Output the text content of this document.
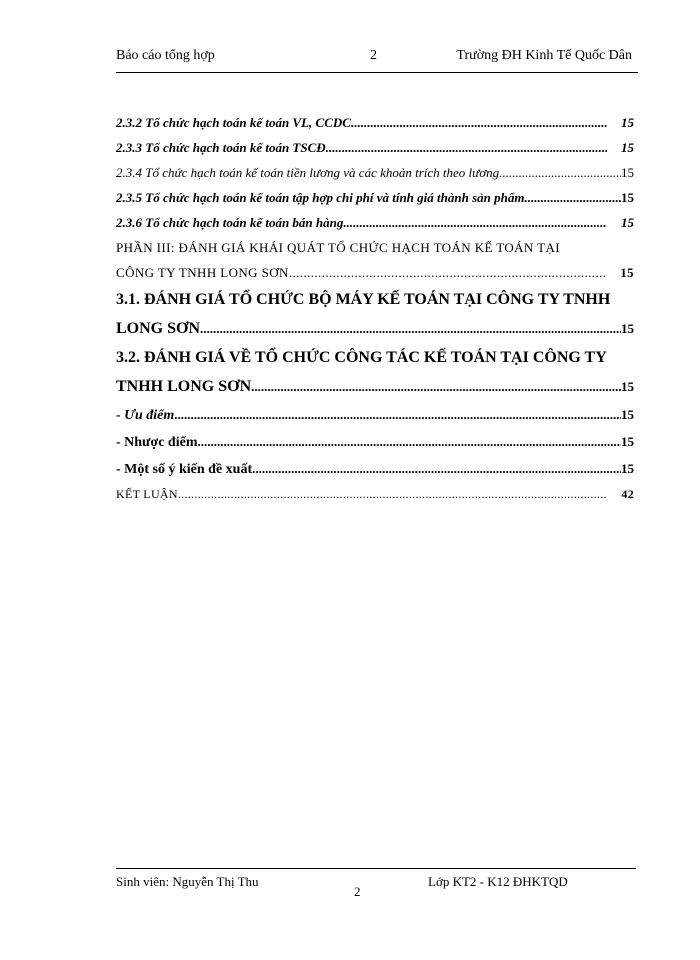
Báo cáo tổng hợp	2	Trường ĐH Kinh Tế Quốc Dân
2.3.2 Tổ chức hạch toán kế toán VL, CCDC .....	15
2.3.3 Tổ chức hạch toán kế toán TSCĐ .....	15
2.3.4 Tổ chức hạch toán kế toán tiền lương và các khoản trích theo lương .....	15
2.3.5 Tổ chức hạch toán kế toán tập hợp chi phí và tính giá thành sản phẩm .....	15
2.3.6 Tổ chức hạch toán kế toán bán hàng .....	15
PHẦN III: ĐÁNH GIÁ KHÁI QUÁT TỔ CHỨC HẠCH TOÁN KẾ TOÁN TẠI
CÔNG TY TNHH LONG SƠN .....	15
3.1. ĐÁNH GIÁ TỔ CHỨC BỘ MÁY KẾ TOÁN TẠI CÔNG TY TNHH
LONG SƠN .....	15
3.2. ĐÁNH GIÁ VỀ TỔ CHỨC CÔNG TÁC KẾ TOÁN TẠI CÔNG TY
TNHH LONG SƠN .....	15
- Ưu điểm .....	15
- Nhược điểm .....	15
- Một số ý kiến đề xuất .....	15
KẾT LUẬN .....	42
Sinh viên: Nguyễn Thị Thu
2
Lớp KT2 - K12 ĐHKTQD
